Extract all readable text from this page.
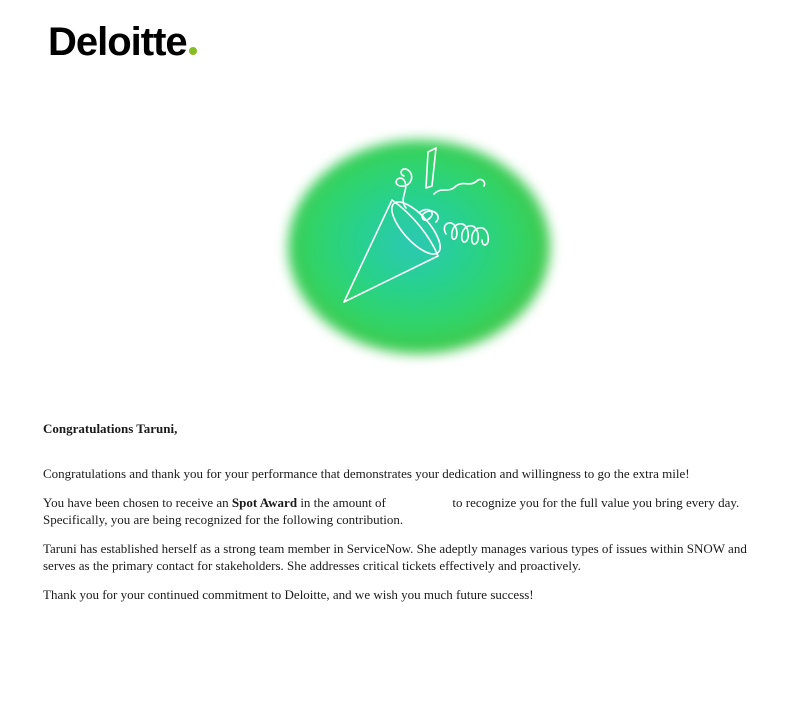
Deloitte

Congratulations Taruni,

Congratulations and thank you for your performance that demonstrates your dedication and willingness to go the extra mile!

You have been chosen to receive an Spot Award in the amount of	to recognize you for the full value you bring every day. Specifically, you are being recognized for the following contribution.

Taruni has established herself as a strong team member in ServiceNow. She adeptly manages various types of issues within SNOW and serves as the primary contact for stakeholders. She addresses critical tickets effectively and proactively.

Thank you for your continued commitment to Deloitte, and we wish you much future success!
